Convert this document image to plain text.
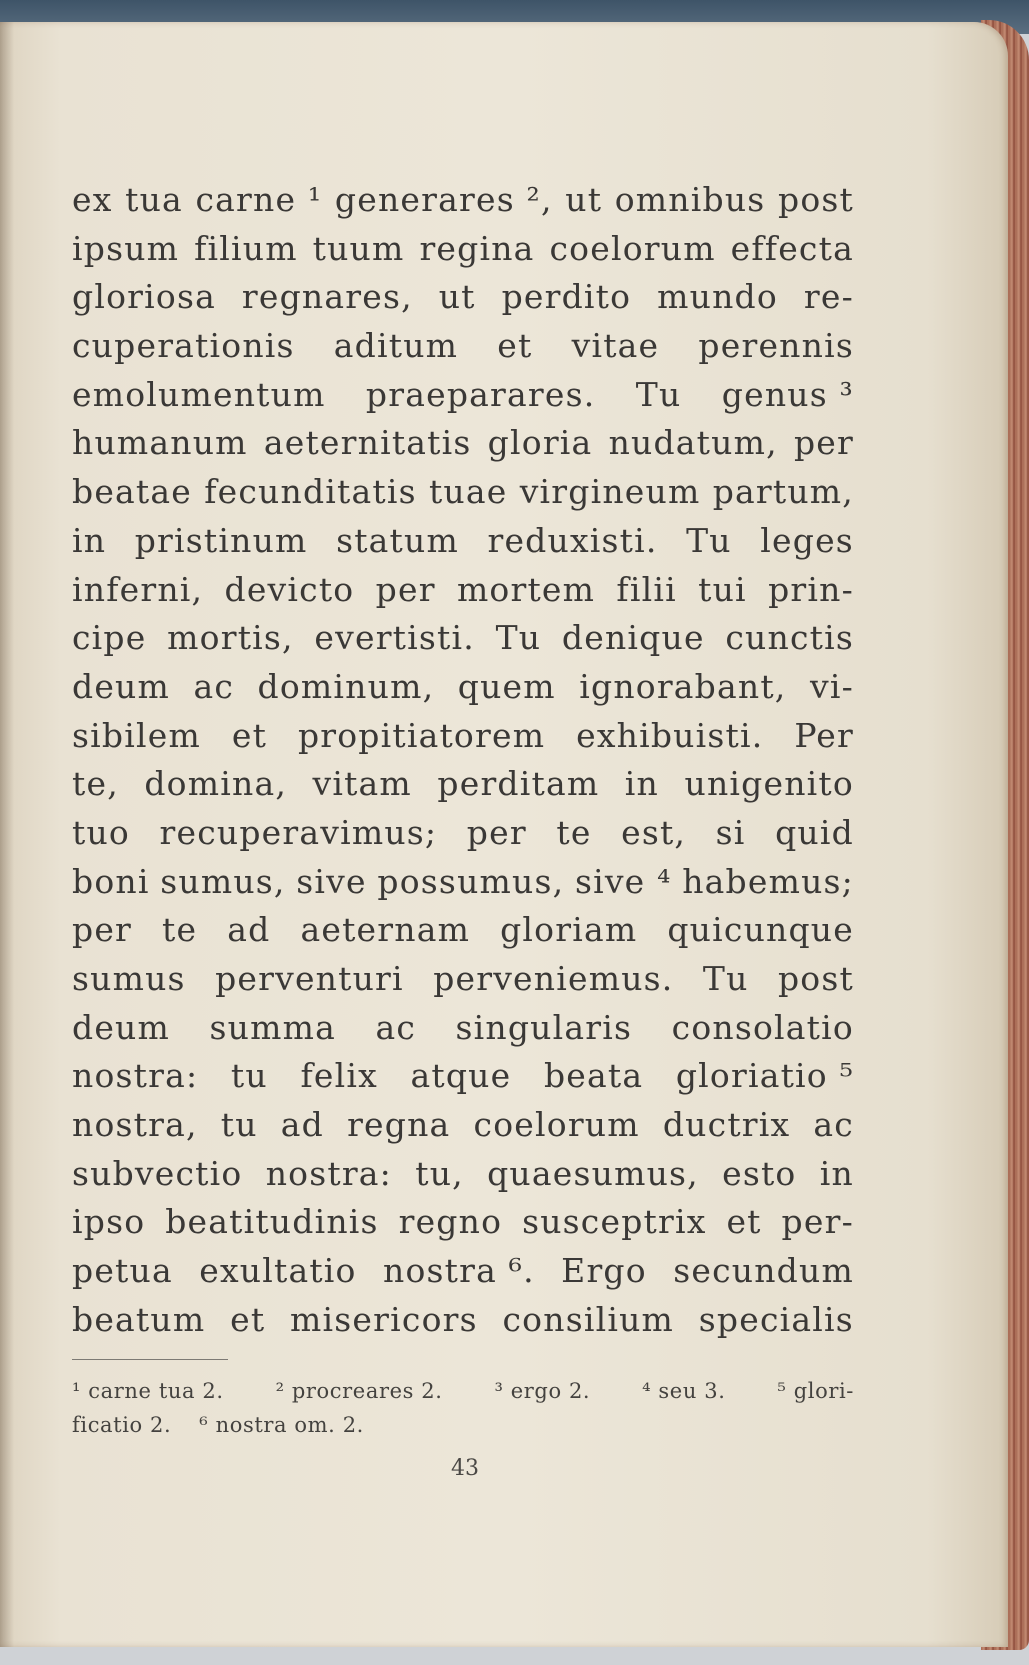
ex tua carne ¹ generares ², ut omnibus post
ipsum filium tuum regina coelorum effecta
gloriosa regnares, ut perdito mundo re-
cuperationis aditum et vitae perennis
emolumentum praeparares. Tu genus ³
humanum aeternitatis gloria nudatum, per
beatae fecunditatis tuae virgineum partum,
in pristinum statum reduxisti. Tu leges
inferni, devicto per mortem filii tui prin-
cipe mortis, evertisti. Tu denique cunctis
deum ac dominum, quem ignorabant, vi-
sibilem et propitiatorem exhibuisti. Per
te, domina, vitam perditam in unigenito
tuo recuperavimus; per te est, si quid
boni sumus, sive possumus, sive ⁴ habemus;
per te ad aeternam gloriam quicunque
sumus perventuri perveniemus. Tu post
deum summa ac singularis consolatio
nostra: tu felix atque beata gloriatio ⁵
nostra, tu ad regna coelorum ductrix ac
subvectio nostra: tu, quaesumus, esto in
ipso beatitudinis regno susceptrix et per-
petua exultatio nostra ⁶. Ergo secundum
beatum et misericors consilium specialis
¹ carne tua 2. ² procreares 2. ³ ergo 2. ⁴ seu 3. ⁵ glori-
ficatio 2. ⁶ nostra om. 2.
43
